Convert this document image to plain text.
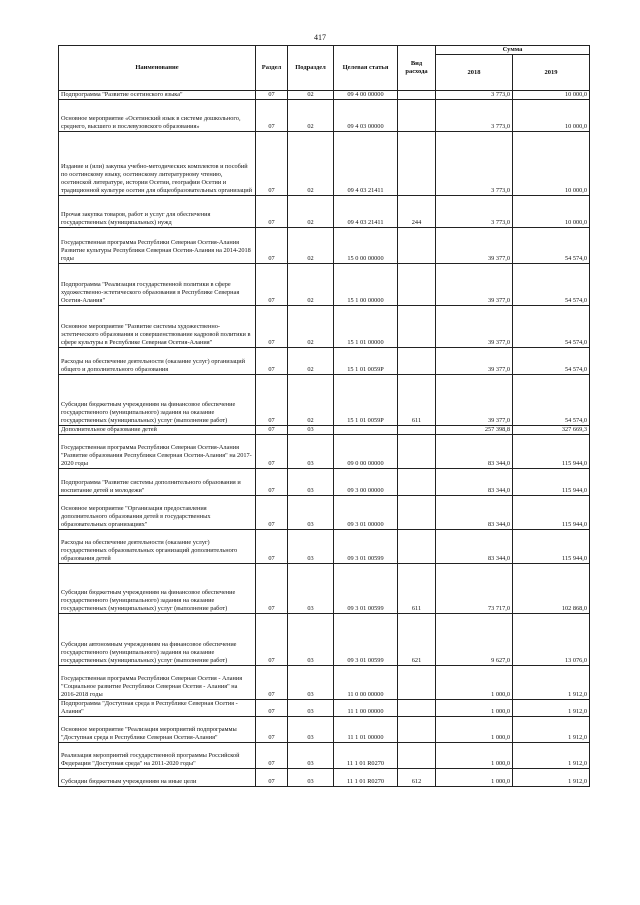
417
Наименование	Раздел	Подраздел	Целевая статья	Вид расхода	Сумма	
					2018	2019
Подпрограмма "Развитие осетинского языка"	07	02	09 4 00 00000		3 773,0	10 000,0
Основное мероприятие «Осетинский язык в системе дошкольного, среднего, высшего и послевузовского образования»	07	02	09 4 03 00000		3 773,0	10 000,0
Издание и (или) закупка учебно-методических комплектов и пособий по осетинскому языку, осетинскому литературному чтению, осетинской литературе, истории Осетии, географии Осетии и традиционной культуре осетин для общеобразовательных организаций	07	02	09 4 03 21411		3 773,0	10 000,0
Прочая закупка товаров, работ и услуг для обеспечения государственных (муниципальных) нужд	07	02	09 4 03 21411	244	3 773,0	10 000,0
Государственная программа Республики Северная Осетия-Алания Развитие культуры Республики Северная Осетия-Алания на 2014-2018 годы	07	02	15 0 00 00000		39 377,0	54 574,0
Подпрограмма "Реализация государственной политики в сфере художественно-эстетического образования в Республике Северная Осетия-Алания"	07	02	15 1 00 00000		39 377,0	54 574,0
Основное мероприятие "Развитие системы художественно-эстетического образования и совершенствование кадровой политики в сфере культуры в Республике Северная Осетия-Алания"	07	02	15 1 01 00000		39 377,0	54 574,0
Расходы на обеспечение деятельности (оказание услуг) организаций общего и дополнительного образования	07	02	15 1 01 0059Р		39 377,0	54 574,0
Субсидии бюджетным учреждениям на финансовое обеспечение государственного (муниципального) задания на оказание государственных (муниципальных) услуг (выполнение работ)	07	02	15 1 01 0059Р	611	39 377,0	54 574,0
Дополнительное образование детей	07	03			257 398,8	327 669,3
Государственная программа Республики Северная Осетия-Алания "Развитие образования Республики Северная Осетия-Алания" на 2017-2020 годы	07	03	09 0 00 00000		83 344,0	115 944,0
Подпрограмма "Развитие системы дополнительного образования и воспитание детей и молодежи"	07	03	09 3 00 00000		83 344,0	115 944,0
Основное мероприятие "Организация предоставления дополнительного образования детей в государственных образовательных организациях"	07	03	09 3 01 00000		83 344,0	115 944,0
Расходы на обеспечение деятельности (оказание услуг) государственных образовательных организаций дополнительного образования детей	07	03	09 3 01 00599		83 344,0	115 944,0
Субсидии бюджетным учреждениям на финансовое обеспечение государственного (муниципального) задания на оказание государственных (муниципальных) услуг (выполнение работ)	07	03	09 3 01 00599	611	73 717,0	102 868,0
Субсидии автономным учреждениям на финансовое обеспечение государственного (муниципального) задания на оказание государственных (муниципальных) услуг (выполнение работ)	07	03	09 3 01 00599	621	9 627,0	13 076,0
Государственная программа Республики Северная Осетия - Алания "Социальное развитие Республики Северная Осетия - Алания" на 2016-2018 годы	07	03	11 0 00 00000		1 000,0	1 912,0
Подпрограмма "Доступная среда в Республике Северная Осетия - Алания"	07	03	11 1 00 00000		1 000,0	1 912,0
Основное мероприятие "Реализация мероприятий подпрограммы "Доступная среда в Республике Северная Осетия-Алания"	07	03	11 1 01 00000		1 000,0	1 912,0
Реализация мероприятий государственной программы Российской Федерации "Доступная среда" на 2011-2020 годы"	07	03	11 1 01 R0270		1 000,0	1 912,0
Субсидии бюджетным учреждениям на иные цели	07	03	11 1 01 R0270	612	1 000,0	1 912,0
